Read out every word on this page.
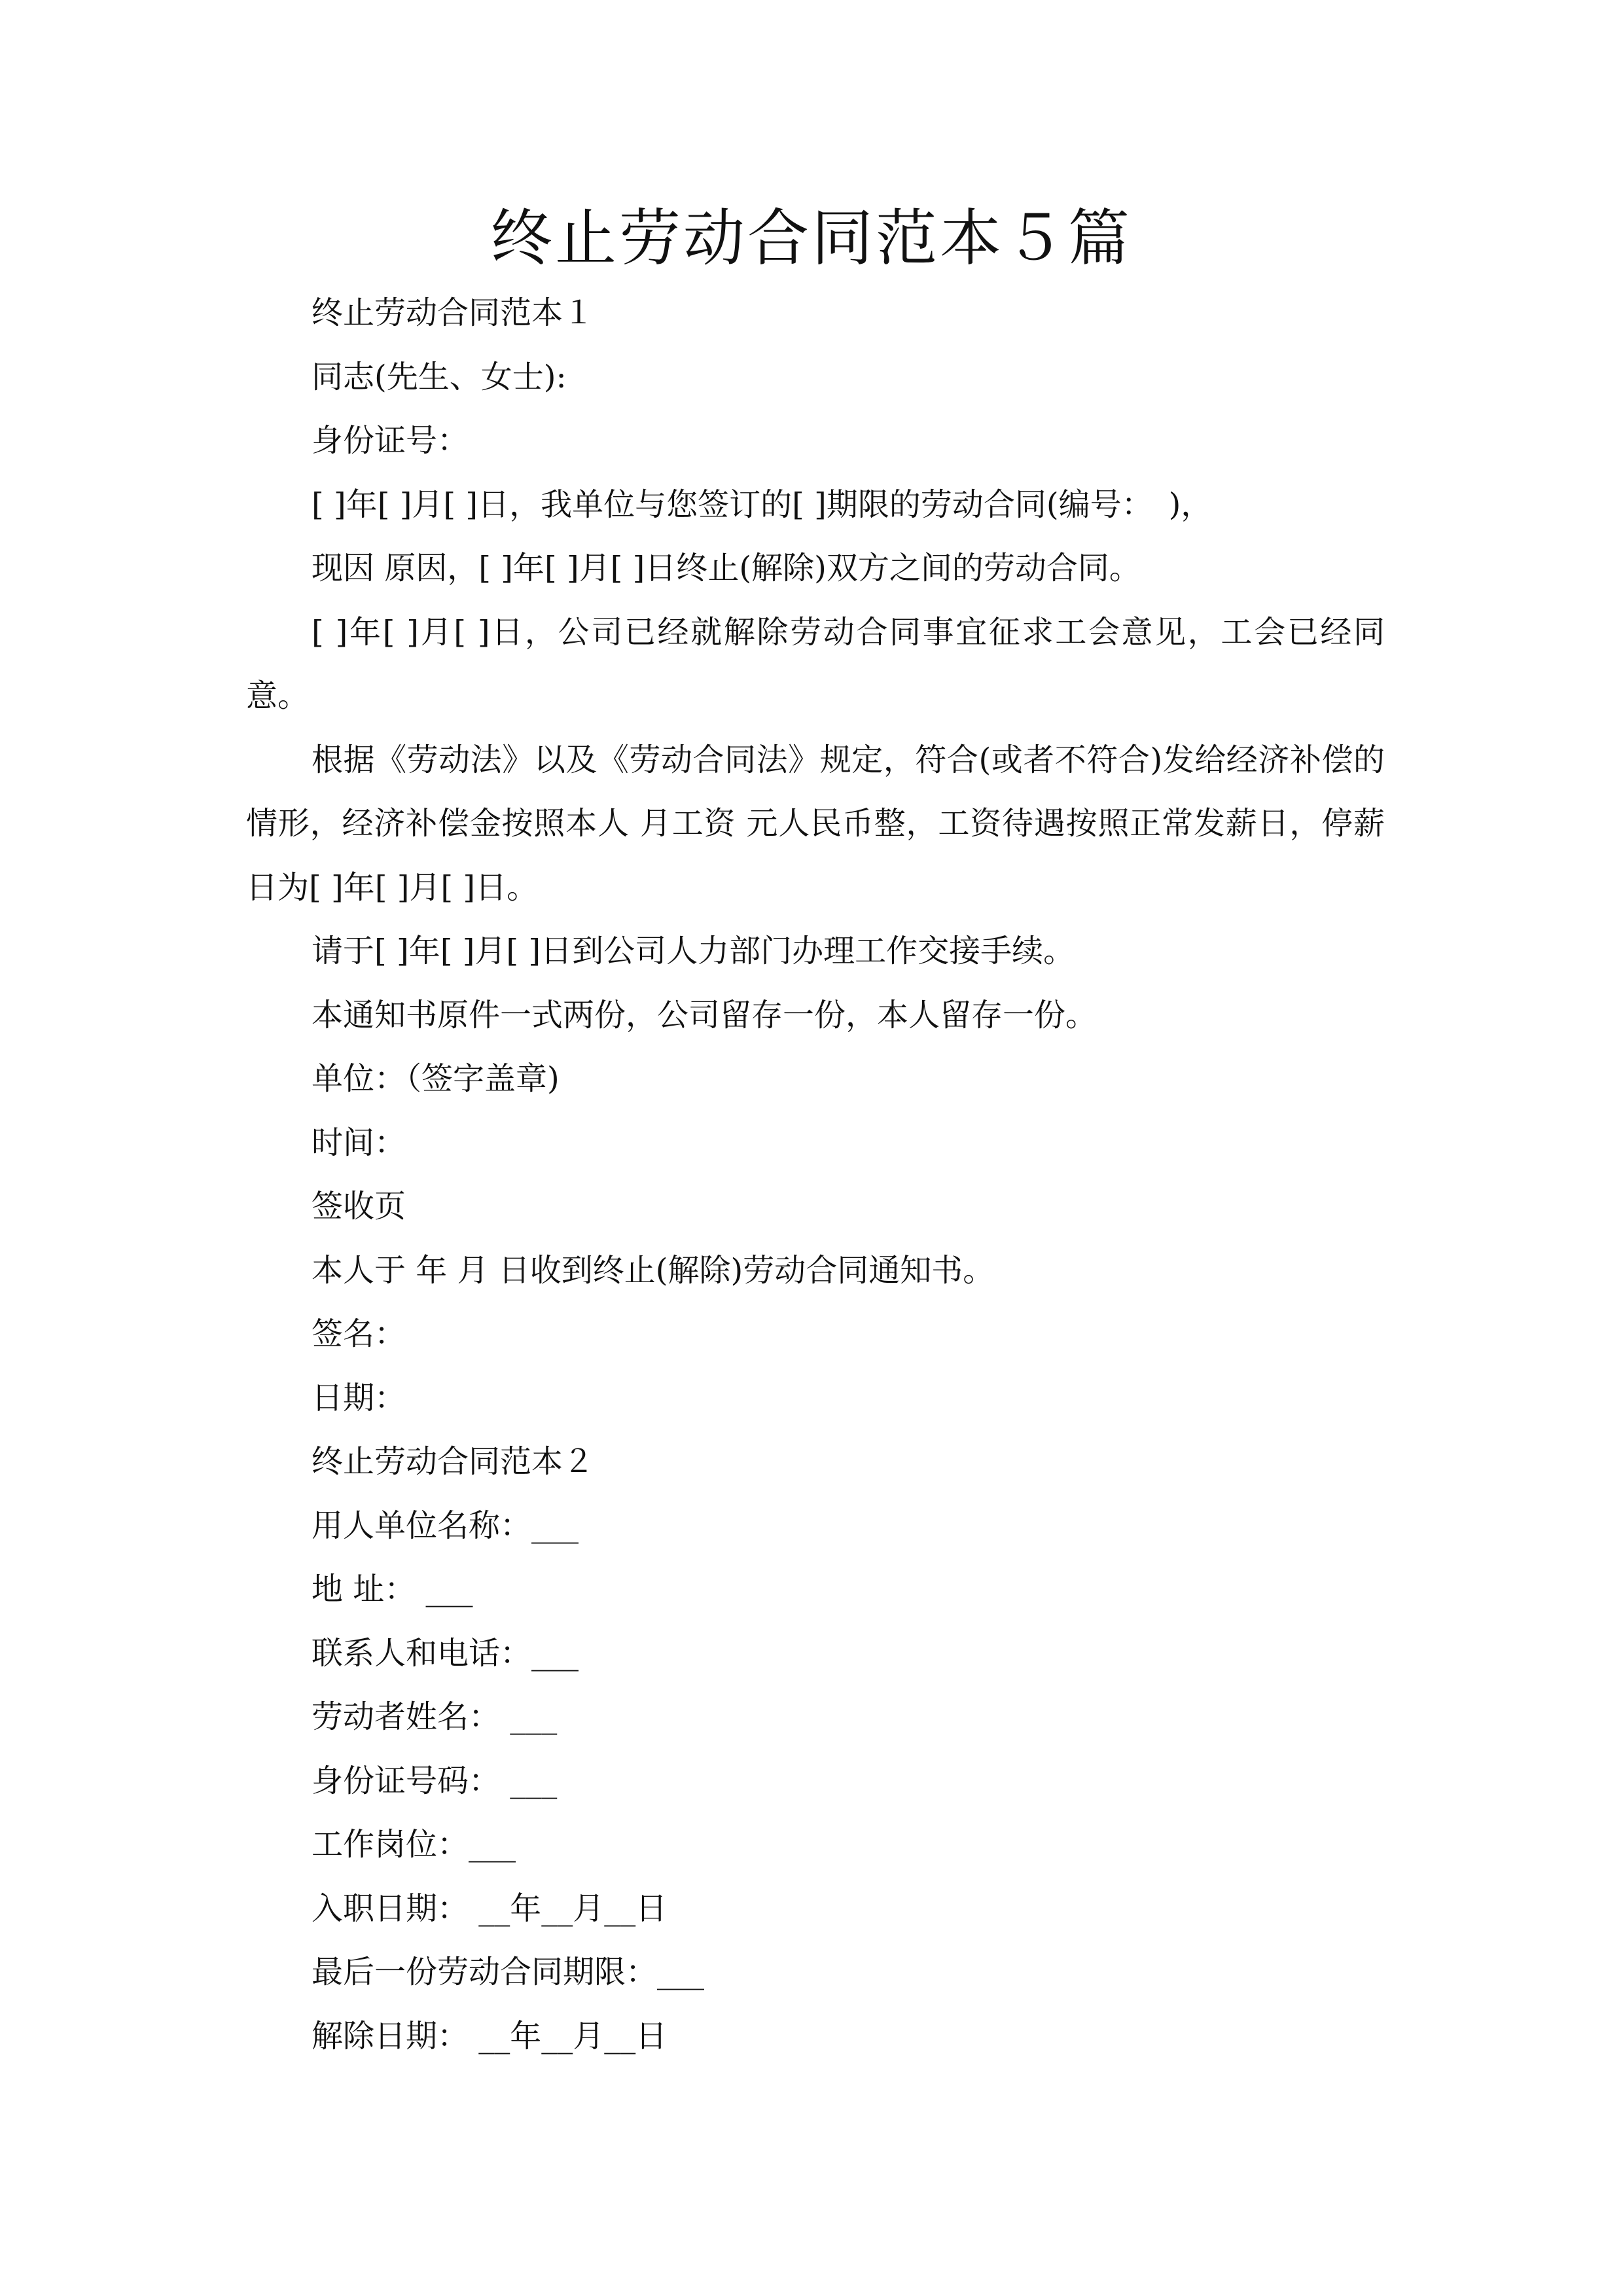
终止劳动合同范本５篇

终止劳动合同范本１

同志(先生、女士):

身份证号：

[ ]年[ ]月[ ]日，我单位与您签订的[ ]期限的劳动合同(编号：　)，

现因 原因，[ ]年[ ]月[ ]日终止(解除)双方之间的劳动合同。

[ ]年[ ]月[ ]日，公司已经就解除劳动合同事宜征求工会意见，工会已经同意。

根据《劳动法》以及《劳动合同法》规定，符合(或者不符合)发给经济补偿的情形，经济补偿金按照本人 月工资 元人民币整，工资待遇按照正常发薪日，停薪日为[ ]年[ ]月[ ]日。

请于[ ]年[ ]月[ ]日到公司人力部门办理工作交接手续。

本通知书原件一式两份，公司留存一份，本人留存一份。

单位：（签字盖章)

时间：

签收页

本人于 年 月 日收到终止(解除)劳动合同通知书。

签名：

日期：

终止劳动合同范本２

用人单位名称：___

地 址： ___

联系人和电话：___

劳动者姓名： ___

身份证号码： ___

工作岗位：___

入职日期： __年__月__日

最后一份劳动合同期限：___

解除日期： __年__月__日
